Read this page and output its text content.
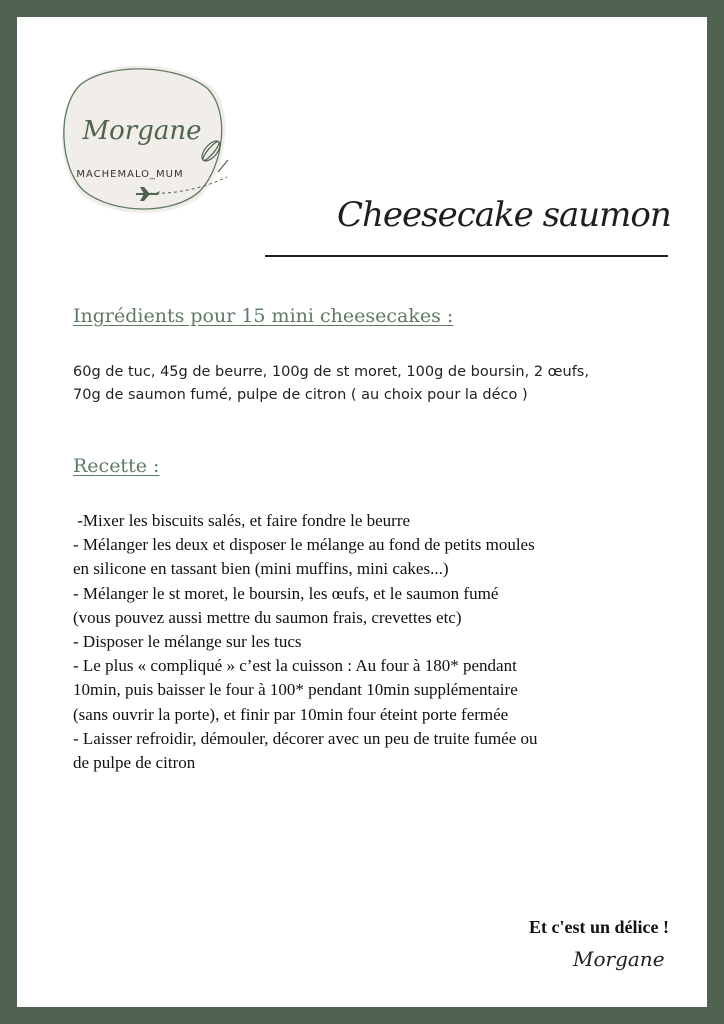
Morgane
MACHEMALO_MUM
Cheesecake saumon
Ingrédients pour 15 mini cheesecakes :
60g de tuc, 45g de beurre, 100g de st moret, 100g de boursin, 2 œufs,
70g de saumon fumé, pulpe de citron ( au choix pour la déco )
Recette :
-Mixer les biscuits salés, et faire fondre le beurre
- Mélanger les deux et disposer le mélange au fond de petits moules
en silicone en tassant bien (mini muffins, mini cakes...)
- Mélanger le st moret, le boursin, les œufs, et le saumon fumé
(vous pouvez aussi mettre du saumon frais, crevettes etc)
- Disposer le mélange sur les tucs
- Le plus « compliqué » c’est la cuisson : Au four à 180* pendant
10min, puis baisser le four à 100* pendant 10min supplémentaire
(sans ouvrir la porte), et finir par 10min four éteint porte fermée
- Laisser refroidir, démouler, décorer avec un peu de truite fumée ou
de pulpe de citron
Et c'est un délice !
Morgane
